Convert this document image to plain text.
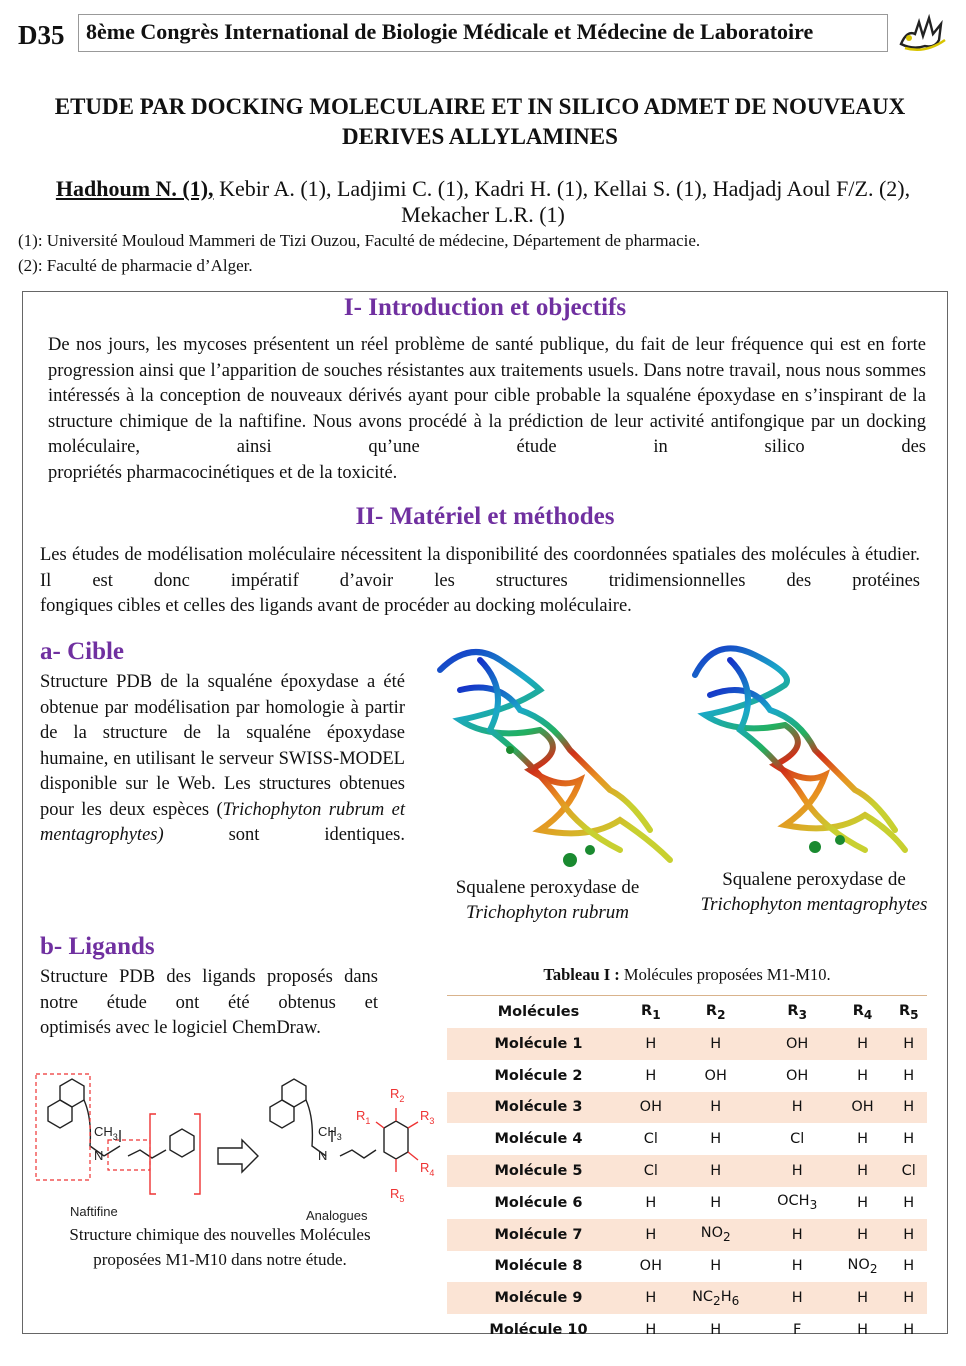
D35 8ème Congrès International de Biologie Médicale et Médecine de Laboratoire
ETUDE PAR DOCKING MOLECULAIRE ET IN SILICO ADMET DE NOUVEAUX DERIVES ALLYLAMINES
Hadhoum N. (1), Kebir A. (1), Ladjimi C. (1), Kadri H. (1), Kellai S. (1), Hadjadj Aoul F/Z. (2), Mekacher L.R. (1)
(1): Université Mouloud Mammeri de Tizi Ouzou, Faculté de médecine, Département de pharmacie.
(2): Faculté de pharmacie d’Alger.
I- Introduction et objectifs
De nos jours, les mycoses présentent un réel problème de santé publique, du fait de leur fréquence qui est en forte progression ainsi que l’apparition de souches résistantes aux traitements usuels. Dans notre travail, nous nous sommes intéressés à la conception de nouveaux dérivés ayant pour cible probable la squaléne époxydase en s’inspirant de la structure chimique de la naftifine. Nous avons procédé à la prédiction de leur activité antifongique par un docking moléculaire, ainsi qu’une étude in silico des
propriétés pharmacocinétiques et de la toxicité.
II- Matériel et méthodes
Les études de modélisation moléculaire nécessitent la disponibilité des coordonnées spatiales des molécules à étudier. Il est donc impératif d’avoir les structures tridimensionnelles des protéines
fongiques cibles et celles des ligands avant de procéder au docking moléculaire.
a- Cible
Structure PDB de la squaléne époxydase a été obtenue par modélisation par homologie à partir de la structure de la squaléne époxydase humaine, en utilisant le serveur SWISS-MODEL disponible sur le Web. Les structures obtenues pour les deux espèces (Trichophyton rubrum et mentagrophytes) sont identiques.
Squalene peroxydase de
Trichophyton rubrum
Squalene peroxydase de
Trichophyton mentagrophytes
b- Ligands
Structure PDB des ligands proposés dans notre étude ont été obtenus et
optimisés avec le logiciel ChemDraw.
Naftifine
$CH_3$
N
Analogues
$CH_3$
N
$R_1$
$R_2$
$R_3$
$R_4$
$R_5$
Structure chimique des nouvelles Molécules proposées M1-M10 dans notre étude.
Tableau I : Molécules proposées M1-M10.
Molécules	$R_1$	$R_2$	$R_3$	$R_4$	$R_5$
Molécule 1	H	H	OH	H	H
Molécule 2	H	OH	OH	H	H
Molécule 3	OH	H	H	OH	H
Molécule 4	Cl	H	Cl	H	H
Molécule 5	Cl	H	H	H	Cl
Molécule 6	H	H	$OCH_3$	H	H
Molécule 7	H	$NO_2$	H	H	H
Molécule 8	OH	H	H	$NO_2$	H
Molécule 9	H	$NC_2H_6$	H	H	H
Molécule 10	H	H	F	H	H
